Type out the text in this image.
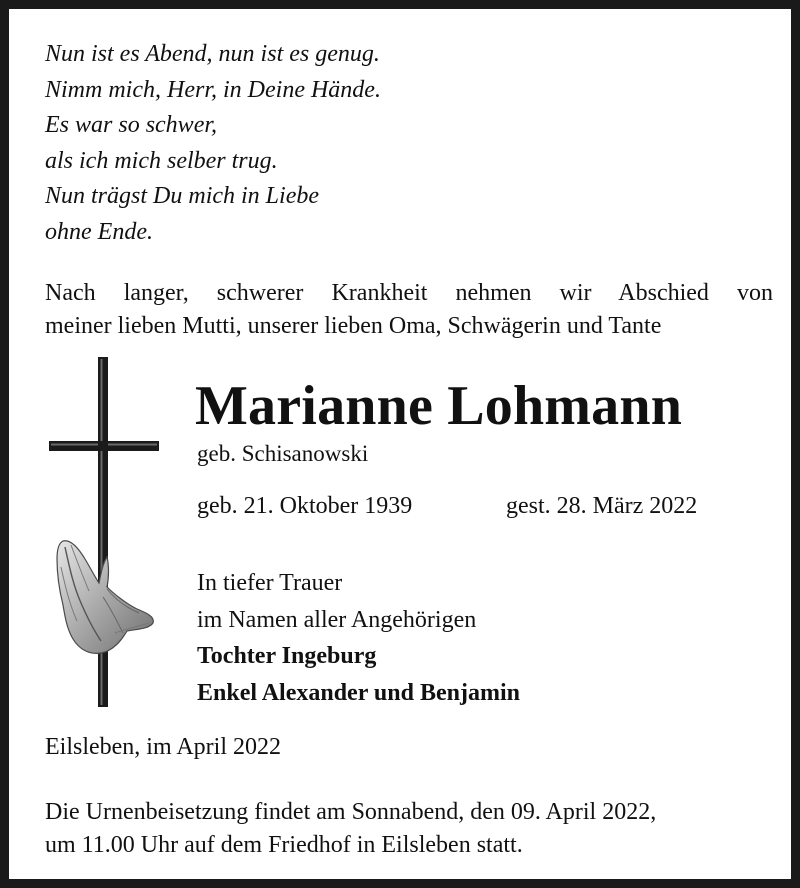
Nun ist es Abend, nun ist es genug.
Nimm mich, Herr, in Deine Hände.
Es war so schwer,
als ich mich selber trug.
Nun trägst Du mich in Liebe
ohne Ende.
Nach langer, schwerer Krankheit nehmen wir Abschied von
meiner lieben Mutti, unserer lieben Oma, Schwägerin und Tante
Marianne Lohmann
geb. Schisanowski
geb. 21. Oktober 1939	gest. 28. März 2022
In tiefer Trauer
im Namen aller Angehörigen
Tochter Ingeburg
Enkel Alexander und Benjamin
Eilsleben, im April 2022
Die Urnenbeisetzung findet am Sonnabend, den 09. April 2022,
um 11.00 Uhr auf dem Friedhof in Eilsleben statt.
